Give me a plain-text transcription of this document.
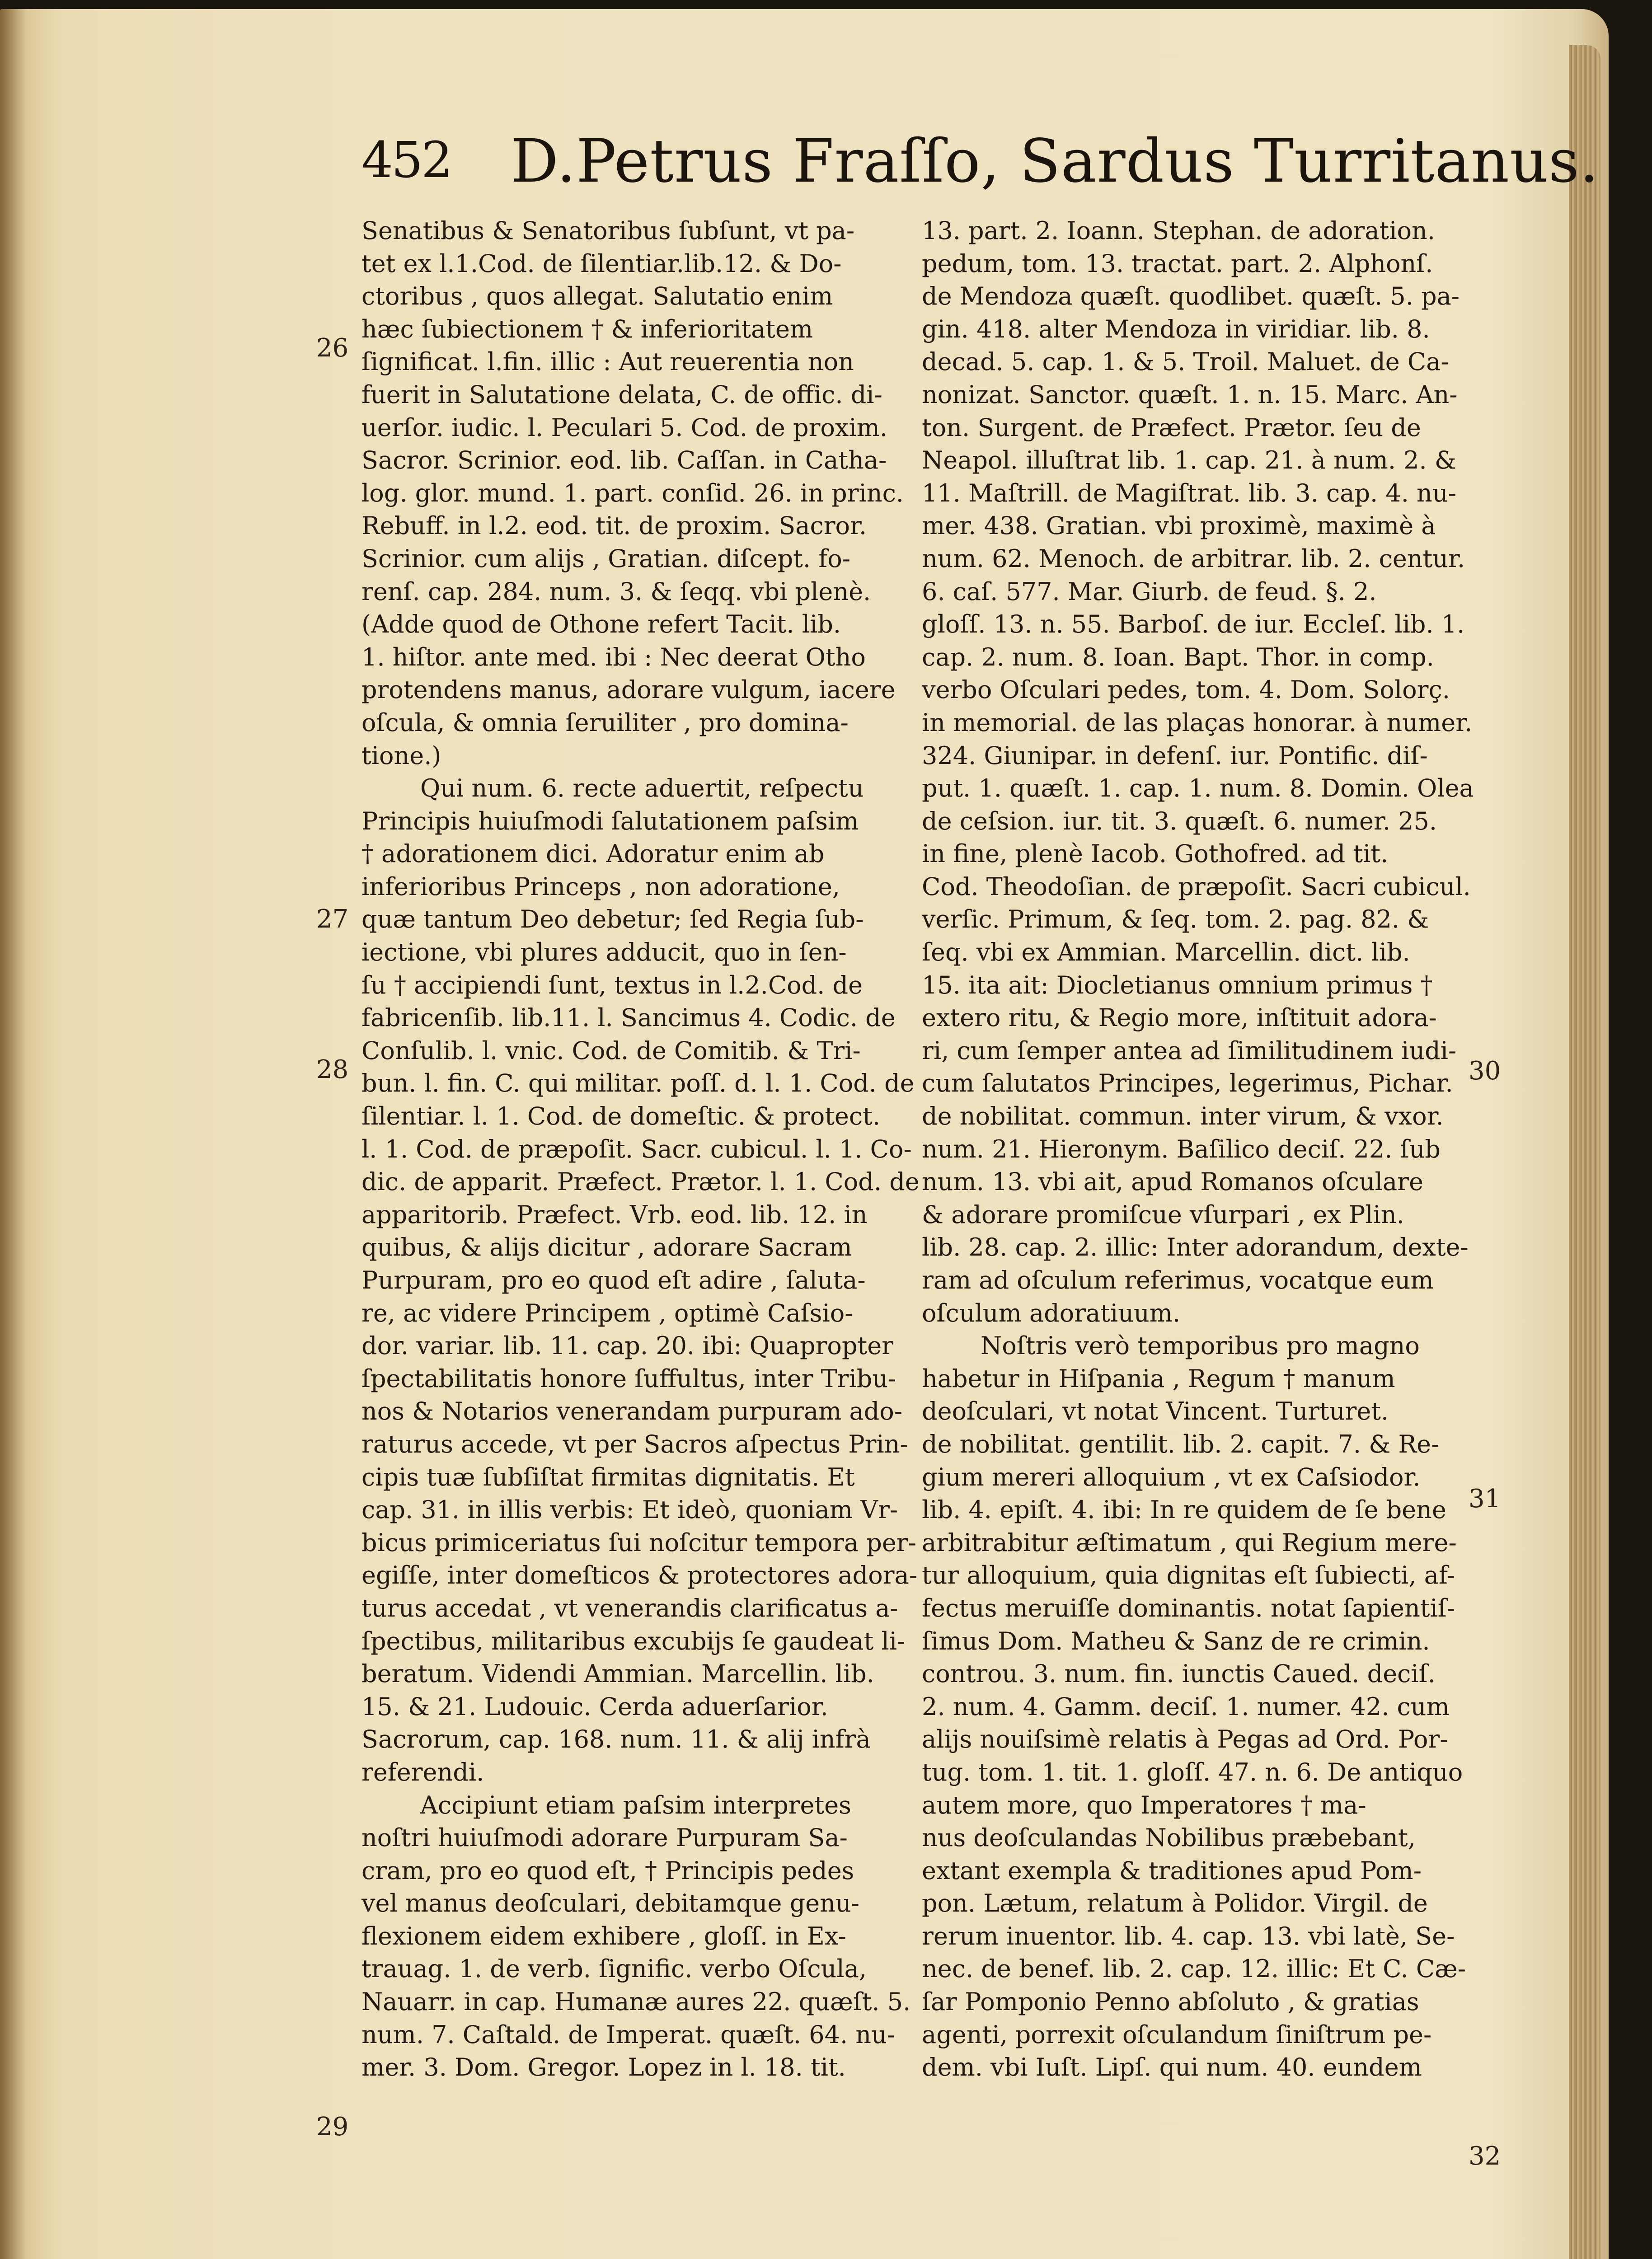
452 D.Petrus Fraſſo, Sardus Turritanus.
Senatibus & Senatoribus ſubſunt, vt pa-
tet ex l.1.Cod. de ſilentiar.lib.12. & Do-
ctoribus , quos allegat. Salutatio enim
hæc ſubiectionem † & inferioritatem
ſignificat. l.fin. illic : Aut reuerentia non
fuerit in Salutatione delata, C. de offic. di-
uerſor. iudic. l. Peculari 5. Cod. de proxim.
Sacror. Scrinior. eod. lib. Caſſan. in Catha-
log. glor. mund. 1. part. conſid. 26. in princ.
Rebuff. in l.2. eod. tit. de proxim. Sacror.
Scrinior. cum alijs , Gratian. diſcept. fo-
renſ. cap. 284. num. 3. & ſeqq. vbi plenè.
(Adde quod de Othone refert Tacit. lib.
1. hiſtor. ante med. ibi : Nec deerat Otho
protendens manus, adorare vulgum, iacere
oſcula, & omnia ſeruiliter , pro domina-
tione.)
Qui num. 6. recte aduertit, reſpectu
Principis huiuſmodi ſalutationem paſsim
† adorationem dici. Adoratur enim ab
inferioribus Princeps , non adoratione,
quæ tantum Deo debetur; ſed Regia ſub-
iectione, vbi plures adducit, quo in ſen-
ſu † accipiendi ſunt, textus in l.2.Cod. de
fabricenſib. lib.11. l. Sancimus 4. Codic. de
Conſulib. l. vnic. Cod. de Comitib. & Tri-
bun. l. fin. C. qui militar. poſſ. d. l. 1. Cod. de
ſilentiar. l. 1. Cod. de domeſtic. & protect.
l. 1. Cod. de præpoſit. Sacr. cubicul. l. 1. Co-
dic. de apparit. Præfect. Prætor. l. 1. Cod. de
apparitorib. Præfect. Vrb. eod. lib. 12. in
quibus, & alijs dicitur , adorare Sacram
Purpuram, pro eo quod eſt adire , ſaluta-
re, ac videre Principem , optimè Caſsio-
dor. variar. lib. 11. cap. 20. ibi: Quapropter
ſpectabilitatis honore ſuffultus, inter Tribu-
nos & Notarios venerandam purpuram ado-
raturus accede, vt per Sacros aſpectus Prin-
cipis tuæ ſubſiſtat firmitas dignitatis. Et
cap. 31. in illis verbis: Et ideò, quoniam Vr-
bicus primiceriatus ſui noſcitur tempora per-
egiſſe, inter domeſticos & protectores adora-
turus accedat , vt venerandis clarificatus a-
ſpectibus, militaribus excubijs ſe gaudeat li-
beratum. Videndi Ammian. Marcellin. lib.
15. & 21. Ludouic. Cerda aduerſarior.
Sacrorum, cap. 168. num. 11. & alij infrà
referendi.
Accipiunt etiam paſsim interpretes
noſtri huiuſmodi adorare Purpuram Sa-
cram, pro eo quod eſt, † Principis pedes
vel manus deoſculari, debitamque genu-
flexionem eidem exhibere , gloſſ. in Ex-
trauag. 1. de verb. ſignific. verbo Oſcula,
Nauarr. in cap. Humanæ aures 22. quæſt. 5.
num. 7. Caſtald. de Imperat. quæſt. 64. nu-
mer. 3. Dom. Gregor. Lopez in l. 18. tit.
13. part. 2. Ioann. Stephan. de adoration.
pedum, tom. 13. tractat. part. 2. Alphonſ.
de Mendoza quæſt. quodlibet. quæſt. 5. pa-
gin. 418. alter Mendoza in viridiar. lib. 8.
decad. 5. cap. 1. & 5. Troil. Maluet. de Ca-
nonizat. Sanctor. quæſt. 1. n. 15. Marc. An-
ton. Surgent. de Præfect. Prætor. ſeu de
Neapol. illuſtrat lib. 1. cap. 21. à num. 2. &
11. Maſtrill. de Magiſtrat. lib. 3. cap. 4. nu-
mer. 438. Gratian. vbi proximè, maximè à
num. 62. Menoch. de arbitrar. lib. 2. centur.
6. caſ. 577. Mar. Giurb. de feud. §. 2.
gloſſ. 13. n. 55. Barboſ. de iur. Eccleſ. lib. 1.
cap. 2. num. 8. Ioan. Bapt. Thor. in comp.
verbo Oſculari pedes, tom. 4. Dom. Solorç.
in memorial. de las plaças honorar. à numer.
324. Giunipar. in defenſ. iur. Pontific. diſ-
put. 1. quæſt. 1. cap. 1. num. 8. Domin. Olea
de ceſsion. iur. tit. 3. quæſt. 6. numer. 25.
in fine, plenè Iacob. Gothofred. ad tit.
Cod. Theodoſian. de præpoſit. Sacri cubicul.
verſic. Primum, & ſeq. tom. 2. pag. 82. &
ſeq. vbi ex Ammian. Marcellin. dict. lib.
15. ita ait: Diocletianus omnium primus †
extero ritu, & Regio more, inſtituit adora-
ri, cum ſemper antea ad ſimilitudinem iudi-
cum ſalutatos Principes, legerimus, Pichar.
de nobilitat. commun. inter virum, & vxor.
num. 21. Hieronym. Baſilico deciſ. 22. ſub
num. 13. vbi ait, apud Romanos oſculare
& adorare promiſcue vſurpari , ex Plin.
lib. 28. cap. 2. illic: Inter adorandum, dexte-
ram ad oſculum referimus, vocatque eum
oſculum adoratiuum.
Noſtris verò temporibus pro magno
habetur in Hiſpania , Regum † manum
deoſculari, vt notat Vincent. Turturet.
de nobilitat. gentilit. lib. 2. capit. 7. & Re-
gium mereri alloquium , vt ex Caſsiodor.
lib. 4. epiſt. 4. ibi: In re quidem de ſe bene
arbitrabitur æſtimatum , qui Regium mere-
tur alloquium, quia dignitas eſt ſubiecti, af-
fectus meruiſſe dominantis. notat ſapientiſ-
ſimus Dom. Matheu & Sanz de re crimin.
controu. 3. num. fin. iunctis Caued. deciſ.
2. num. 4. Gamm. deciſ. 1. numer. 42. cum
alijs nouiſsimè relatis à Pegas ad Ord. Por-
tug. tom. 1. tit. 1. gloſſ. 47. n. 6. De antiquo
autem more, quo Imperatores † ma-
nus deoſculandas Nobilibus præbebant,
extant exempla & traditiones apud Pom-
pon. Lætum, relatum à Polidor. Virgil. de
rerum inuentor. lib. 4. cap. 13. vbi latè, Se-
nec. de benef. lib. 2. cap. 12. illic: Et C. Cæ-
ſar Pomponio Penno abſoluto , & gratias
agenti, porrexit oſculandum ſiniſtrum pe-
dem. vbi Iuſt. Lipſ. qui num. 40. eundem
26
27
28
29
30
31
32
